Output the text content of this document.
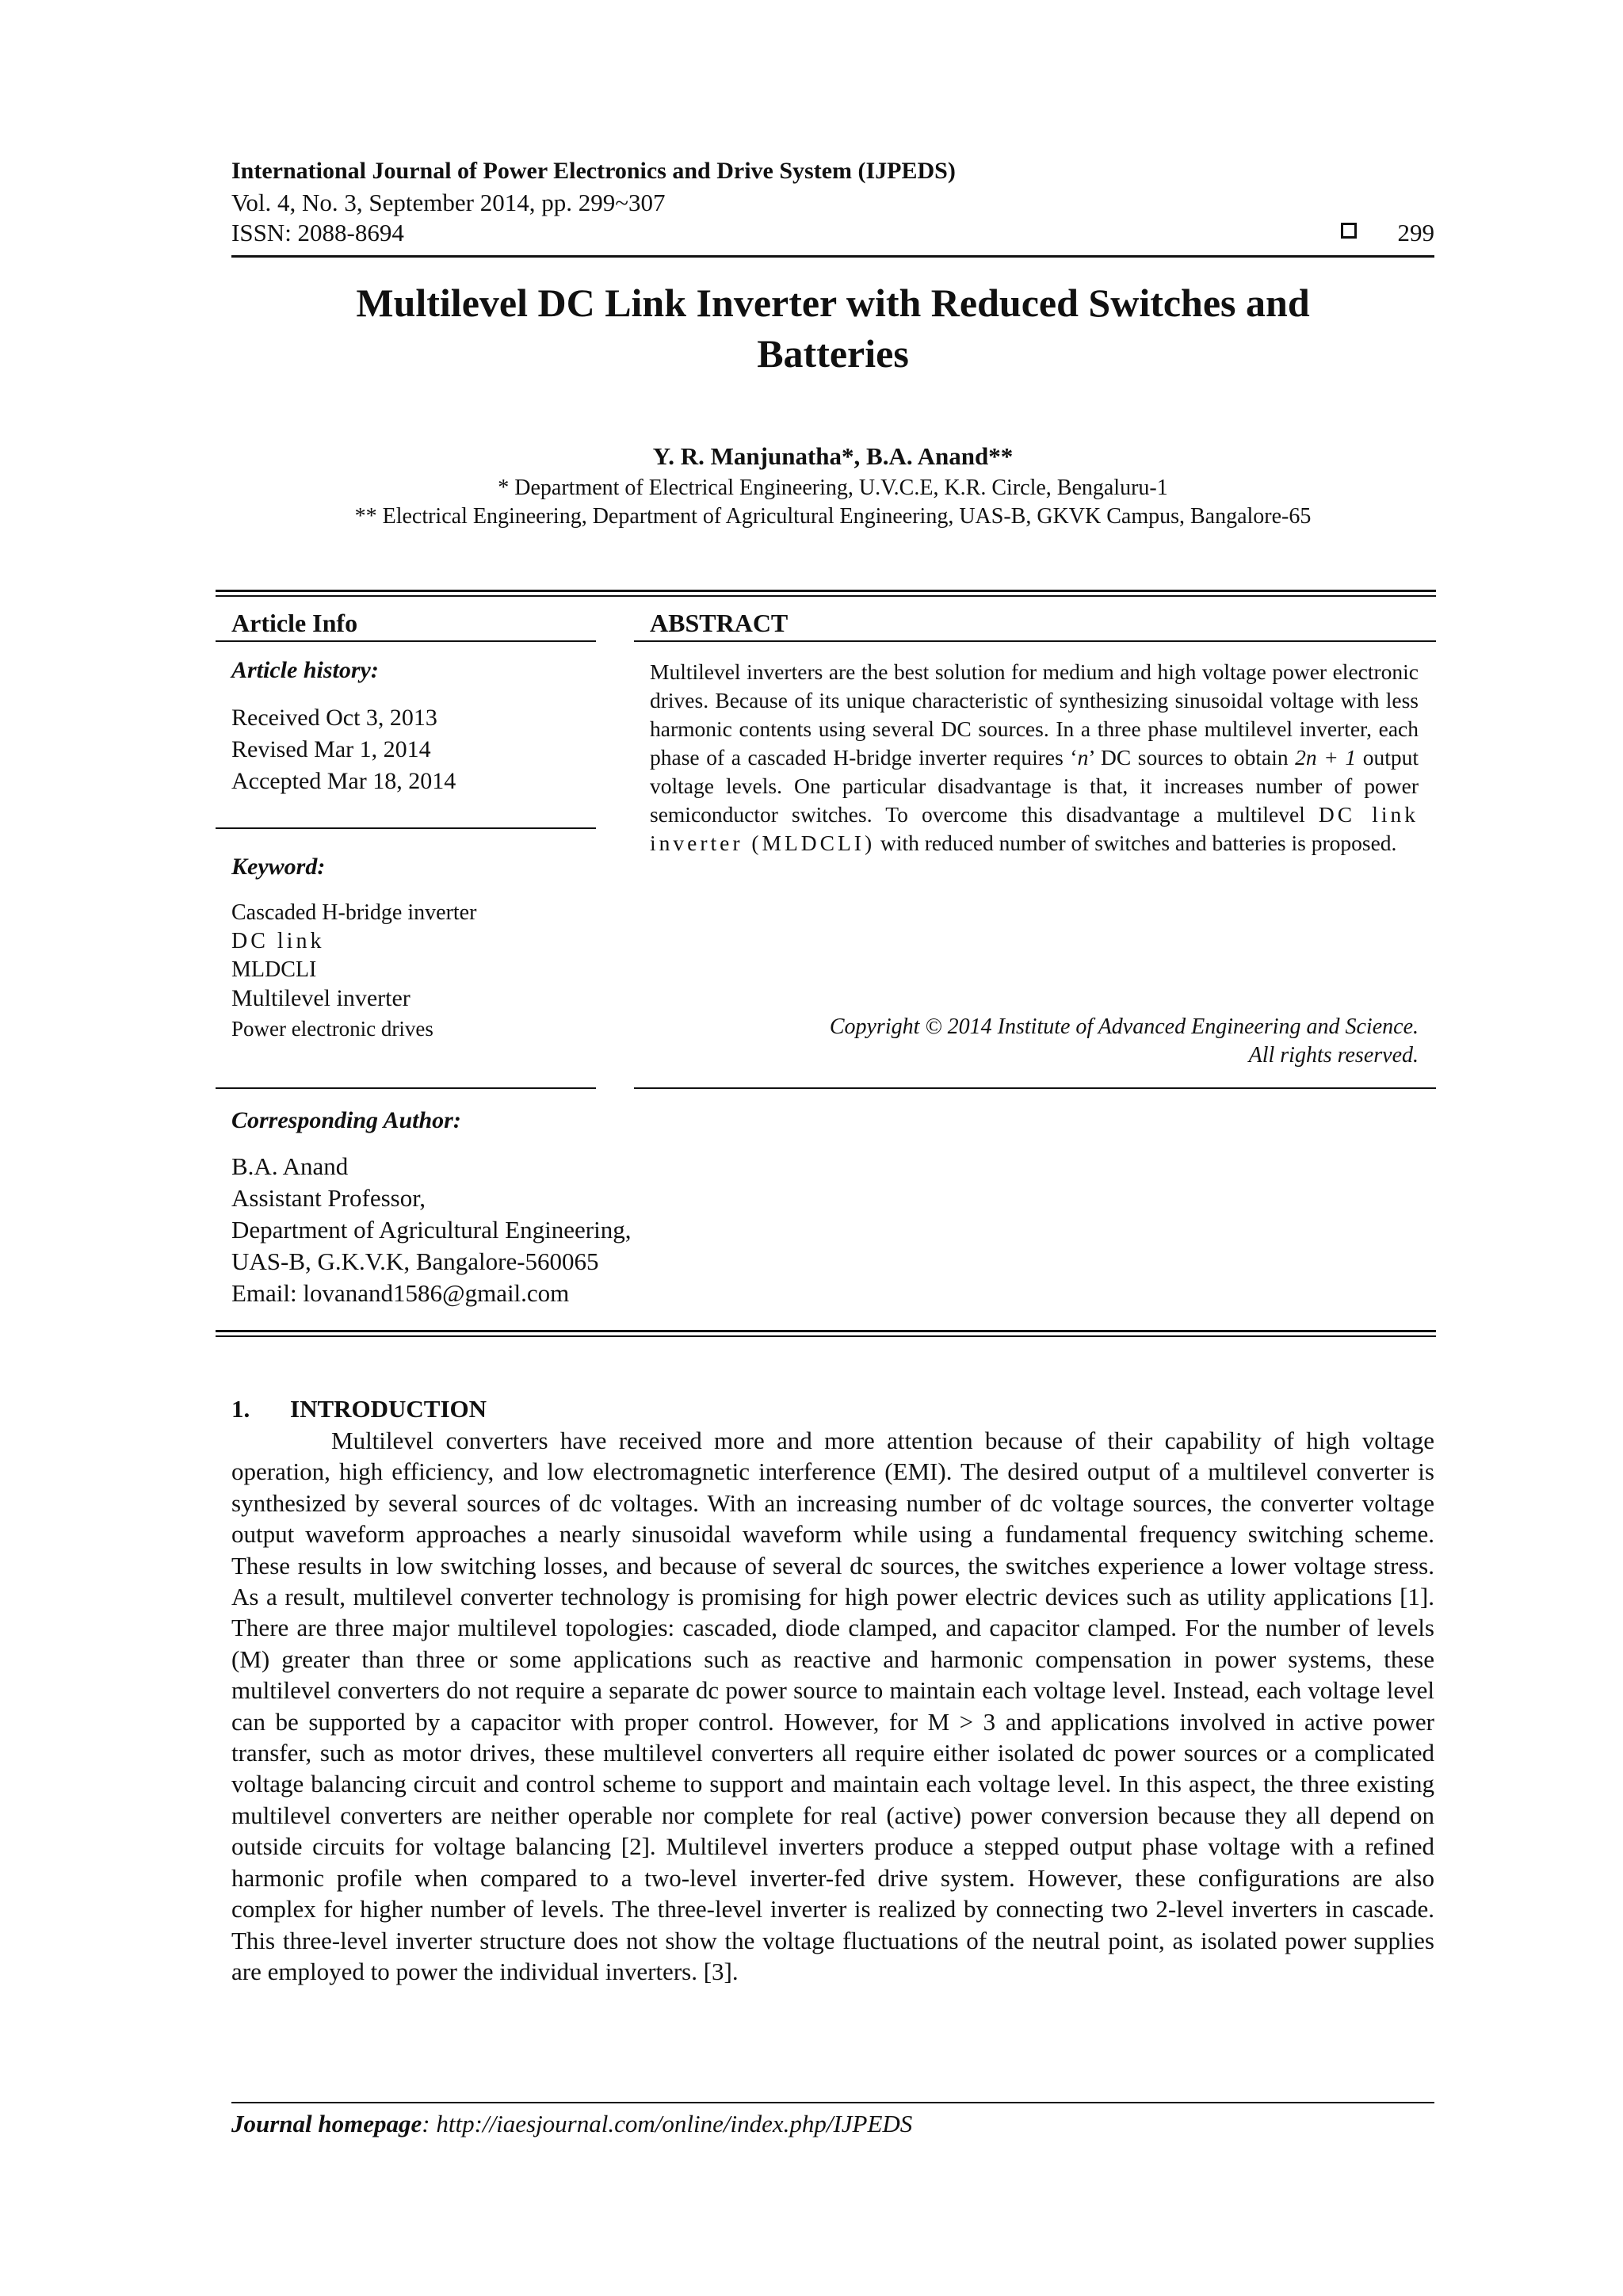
International Journal of Power Electronics and Drive System (IJPEDS)
Vol. 4, No. 3, September 2014, pp. 299~307
ISSN: 2088-8694	299
Multilevel DC Link Inverter with Reduced Switches and
Batteries
Y. R. Manjunatha*, B.A. Anand**
* Department of Electrical Engineering, U.V.C.E, K.R. Circle, Bengaluru-1
** Electrical Engineering, Department of Agricultural Engineering, UAS-B, GKVK Campus, Bangalore-65
Article Info
Article history:
Received Oct 3, 2013
Revised Mar 1, 2014
Accepted Mar 18, 2014
Keyword:
Cascaded H-bridge inverter
DC link
MLDCLI
Multilevel inverter
Power electronic drives
ABSTRACT
Multilevel inverters are the best solution for medium and high voltage power electronic drives. Because of its unique characteristic of synthesizing sinusoidal voltage with less harmonic contents using several DC sources. In a three phase multilevel inverter, each phase of a cascaded H-bridge inverter requires ‘n’ DC sources to obtain 2n + 1 output voltage levels. One particular disadvantage is that, it increases number of power semiconductor switches. To overcome this disadvantage a multilevel DC link inverter (MLDCLI) with reduced number of switches and batteries is proposed.
Copyright © 2014 Institute of Advanced Engineering and Science.
All rights reserved.
Corresponding Author:
B.A. Anand
Assistant Professor,
Department of Agricultural Engineering,
UAS-B, G.K.V.K, Bangalore-560065
Email: lovanand1586@gmail.com
1. INTRODUCTION

Multilevel converters have received more and more attention because of their capability of high voltage operation, high efficiency, and low electromagnetic interference (EMI). The desired output of a multilevel converter is synthesized by several sources of dc voltages. With an increasing number of dc voltage sources, the converter voltage output waveform approaches a nearly sinusoidal waveform while using a fundamental frequency switching scheme. These results in low switching losses, and because of several dc sources, the switches experience a lower voltage stress. As a result, multilevel converter technology is promising for high power electric devices such as utility applications [1]. There are three major multilevel topologies: cascaded, diode clamped, and capacitor clamped. For the number of levels (M) greater than three or some applications such as reactive and harmonic compensation in power systems, these multilevel converters do not require a separate dc power source to maintain each voltage level. Instead, each voltage level can be supported by a capacitor with proper control. However, for M > 3 and applications involved in active power transfer, such as motor drives, these multilevel converters all require either isolated dc power sources or a complicated voltage balancing circuit and control scheme to support and maintain each voltage level. In this aspect, the three existing multilevel converters are neither operable nor complete for real (active) power conversion because they all depend on outside circuits for voltage balancing [2]. Multilevel inverters produce a stepped output phase voltage with a refined harmonic profile when compared to a two-level inverter-fed drive system. However, these configurations are also complex for higher number of levels. The three-level inverter is realized by connecting two 2-level inverters in cascade. This three-level inverter structure does not show the voltage fluctuations of the neutral point, as isolated power supplies are employed to power the individual inverters. [3].

Journal homepage: http://iaesjournal.com/online/index.php/IJPEDS
